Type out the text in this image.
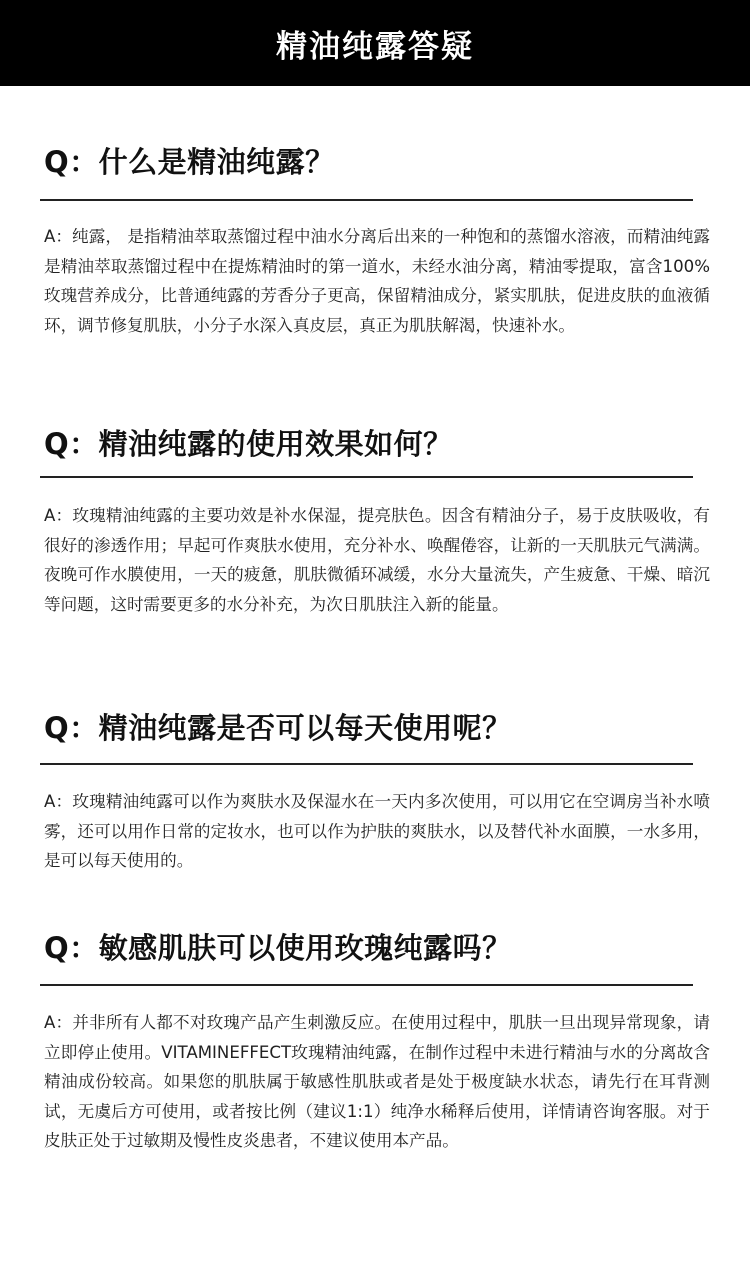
精油纯露答疑
Q：什么是精油纯露？
A：纯露， 是指精油萃取蒸馏过程中油水分离后出来的一种饱和的蒸馏水溶液，而精油纯露是精油萃取蒸馏过程中在提炼精油时的第一道水，未经水油分离，精油零提取，富含100%玫瑰营养成分，比普通纯露的芳香分子更高，保留精油成分，紧实肌肤，促进皮肤的血液循环，调节修复肌肤，小分子水深入真皮层，真正为肌肤解渴，快速补水。
Q：精油纯露的使用效果如何？
A：玫瑰精油纯露的主要功效是补水保湿，提亮肤色。因含有精油分子，易于皮肤吸收，有很好的渗透作用；早起可作爽肤水使用，充分补水、唤醒倦容，让新的一天肌肤元气满满。夜晚可作水膜使用，一天的疲惫，肌肤微循环减缓，水分大量流失，产生疲惫、干燥、暗沉等问题，这时需要更多的水分补充，为次日肌肤注入新的能量。
Q：精油纯露是否可以每天使用呢？
A：玫瑰精油纯露可以作为爽肤水及保湿水在一天内多次使用，可以用它在空调房当补水喷雾，还可以用作日常的定妆水，也可以作为护肤的爽肤水，以及替代补水面膜，一水多用，是可以每天使用的。
Q：敏感肌肤可以使用玫瑰纯露吗？
A：并非所有人都不对玫瑰产品产生刺激反应。在使用过程中，肌肤一旦出现异常现象，请立即停止使用。VITAMINEFFECT玫瑰精油纯露，在制作过程中未进行精油与水的分离故含精油成份较高。如果您的肌肤属于敏感性肌肤或者是处于极度缺水状态，请先行在耳背测试，无虞后方可使用，或者按比例（建议1:1）纯净水稀释后使用，详情请咨询客服。对于皮肤正处于过敏期及慢性皮炎患者，不建议使用本产品。
